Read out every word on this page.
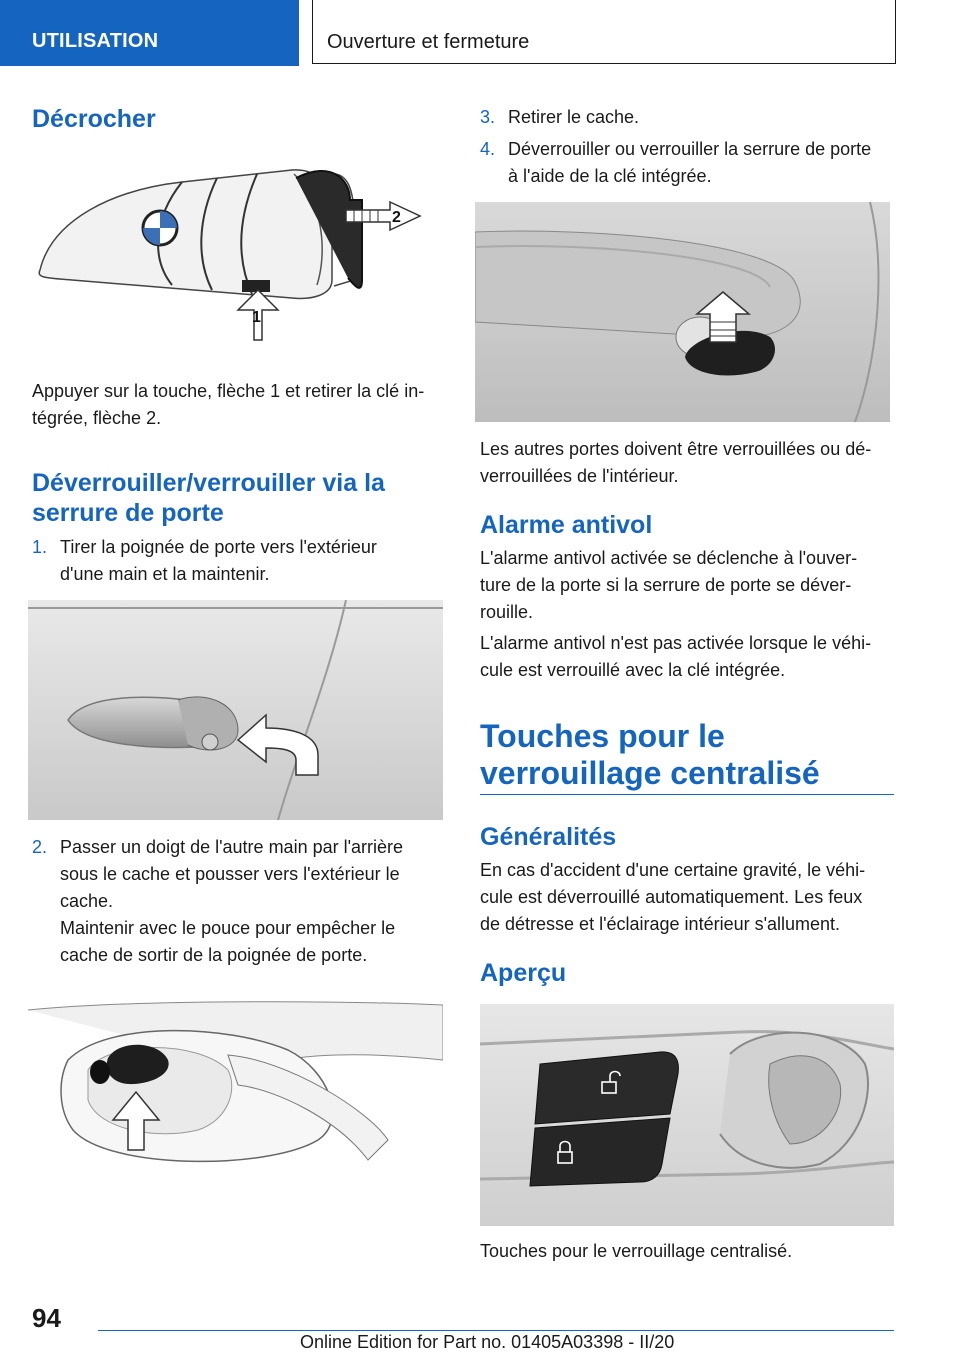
UTILISATION	Ouverture et fermeture
Décrocher
2
1

Appuyer sur la touche, flèche 1 et retirer la clé in‐ tégrée, flèche 2.

Déverrouiller/verrouiller via la
serrure de porte
1. Tirer la poignée de porte vers l'extérieur
d'une main et la maintenir.
2. Passer un doigt de l'autre main par l'arrière
sous le cache et pousser vers l'extérieur le
cache.

Maintenir avec le pouce pour empêcher le

cache de sortir de la poignée de porte.

3. Retirer le cache.
4. Déverrouiller ou verrouiller la serrure de porte
à l'aide de la clé intégrée.

Les autres portes doivent être verrouillées ou dé‐

verrouillées de l'intérieur.

Alarme antivol

L'alarme antivol activée se déclenche à l'ouver‐

ture de la porte si la serrure de porte se déver‐

rouille.

L'alarme antivol n'est pas activée lorsque le véhi‐

cule est verrouillé avec la clé intégrée.

Touches pour le
verrouillage centralisé
Généralités

En cas d'accident d'une certaine gravité, le véhi‐

cule est déverrouillé automatiquement. Les feux

de détresse et l'éclairage intérieur s'allument.

Aperçu

Touches pour le verrouillage centralisé.

94
Online Edition for Part no. 01405A03398 - II/20
